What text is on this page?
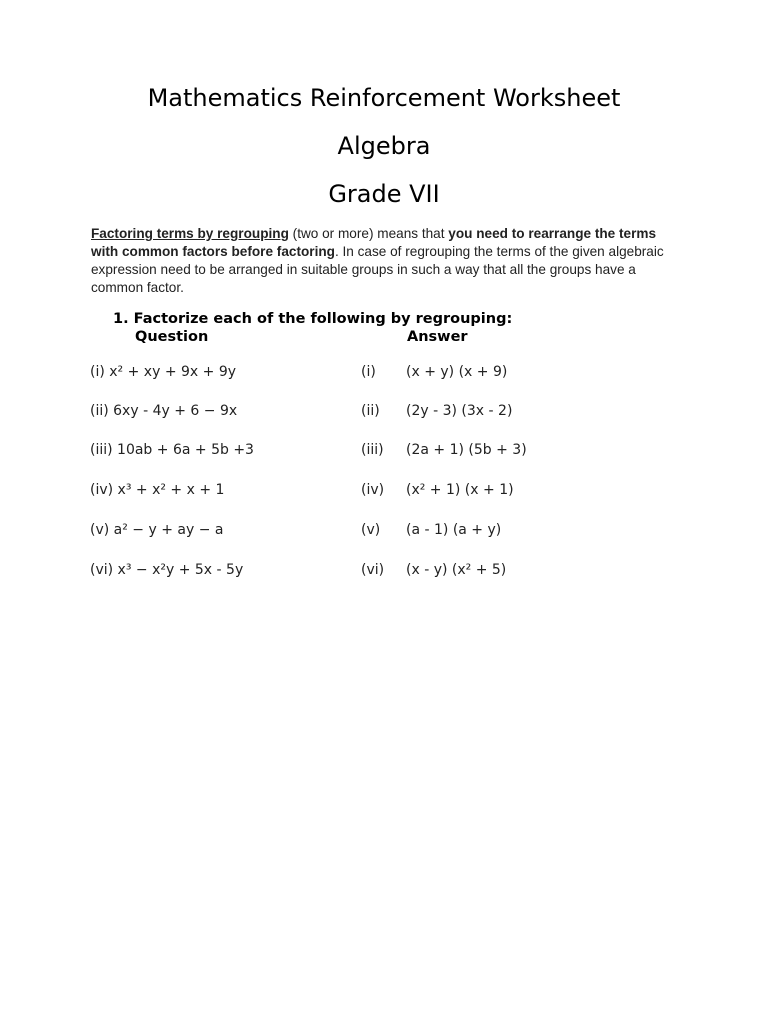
Mathematics Reinforcement Worksheet
Algebra
Grade VII
Factoring terms by regrouping (two or more) means that you need to rearrange the terms with common factors before factoring. In case of regrouping the terms of the given algebraic expression need to be arranged in suitable groups in such a way that all the groups have a common factor.
1. Factorize each of the following by regrouping:
Question	Answer
(i) x² + xy + 9x + 9y	(i) (x + y) (x + 9)
(ii) 6xy - 4y + 6 − 9x	(ii) (2y - 3) (3x - 2)
(iii) 10ab + 6a + 5b +3	(iii) (2a + 1) (5b + 3)
(iv) x³ + x² + x + 1	(iv) (x² + 1) (x + 1)
(v) a² − y + ay − a	(v) (a - 1) (a + y)
(vi) x³ − x²y + 5x - 5y	(vi) (x - y) (x² + 5)
